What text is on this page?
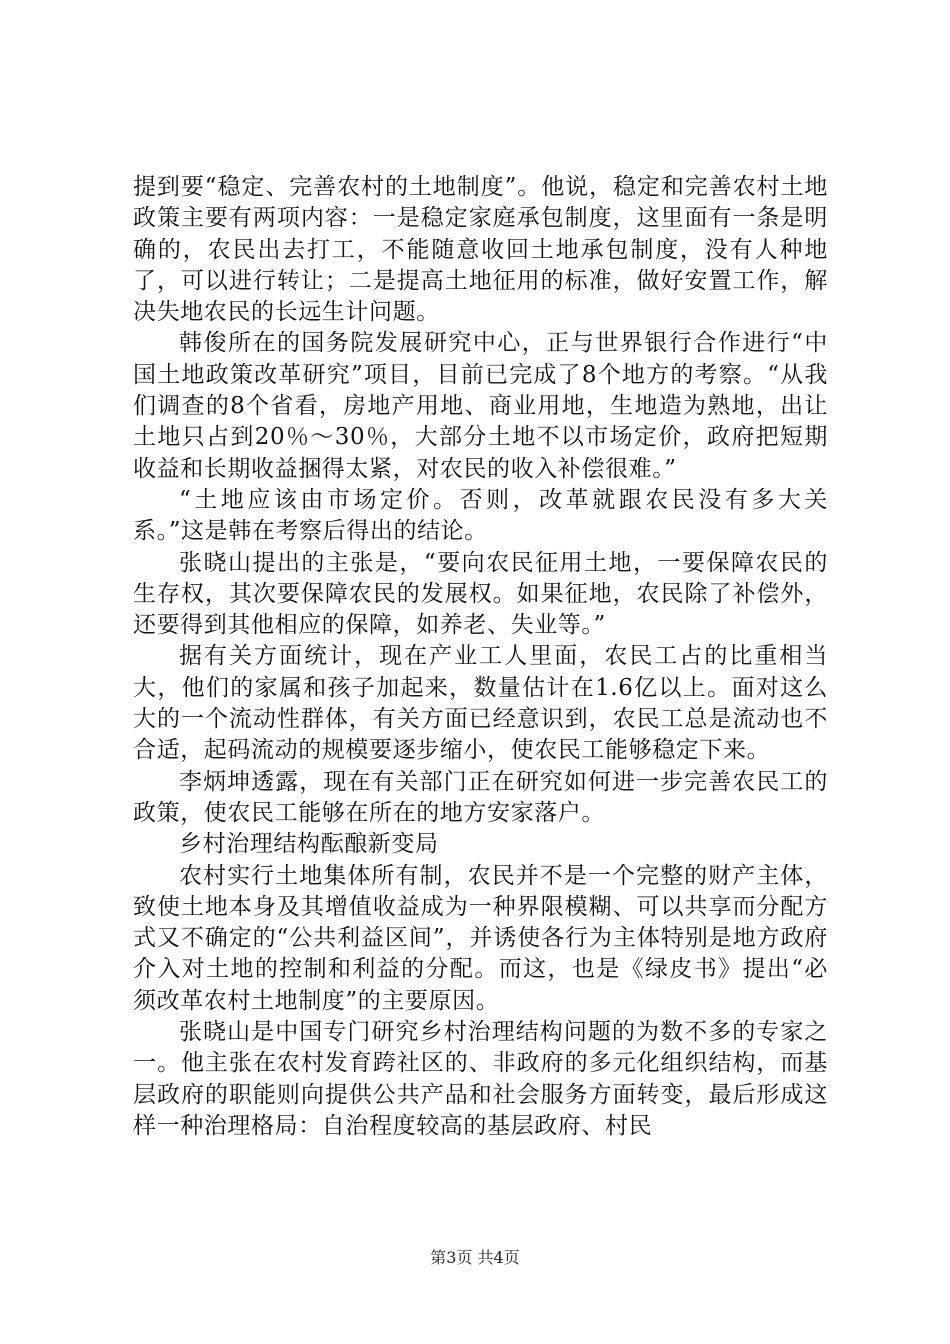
提到要“稳定、完善农村的土地制度”。他说，稳定和完善农村土地政策主要有两项内容：一是稳定家庭承包制度，这里面有一条是明确的，农民出去打工，不能随意收回土地承包制度，没有人种地了，可以进行转让；二是提高土地征用的标准，做好安置工作，解决失地农民的长远生计问题。

韩俊所在的国务院发展研究中心，正与世界银行合作进行“中国土地政策改革研究”项目，目前已完成了8个地方的考察。“从我们调查的8个省看，房地产用地、商业用地，生地造为熟地，出让土地只占到20％～30％，大部分土地不以市场定价，政府把短期收益和长期收益捆得太紧，对农民的收入补偿很难。”

“土地应该由市场定价。否则，改革就跟农民没有多大关系。”这是韩在考察后得出的结论。

张晓山提出的主张是，“要向农民征用土地，一要保障农民的生存权，其次要保障农民的发展权。如果征地，农民除了补偿外，还要得到其他相应的保障，如养老、失业等。”

据有关方面统计，现在产业工人里面，农民工占的比重相当大，他们的家属和孩子加起来，数量估计在1.6亿以上。面对这么大的一个流动性群体，有关方面已经意识到，农民工总是流动也不合适，起码流动的规模要逐步缩小，使农民工能够稳定下来。

李炳坤透露，现在有关部门正在研究如何进一步完善农民工的政策，使农民工能够在所在的地方安家落户。

乡村治理结构酝酿新变局

农村实行土地集体所有制，农民并不是一个完整的财产主体，致使土地本身及其增值收益成为一种界限模糊、可以共享而分配方式又不确定的“公共利益区间”，并诱使各行为主体特别是地方政府介入对土地的控制和利益的分配。而这，也是《绿皮书》提出“必须改革农村土地制度”的主要原因。

张晓山是中国专门研究乡村治理结构问题的为数不多的专家之一。他主张在农村发育跨社区的、非政府的多元化组织结构，而基层政府的职能则向提供公共产品和社会服务方面转变，最后形成这样一种治理格局：自治程度较高的基层政府、村民

第3页 共4页
